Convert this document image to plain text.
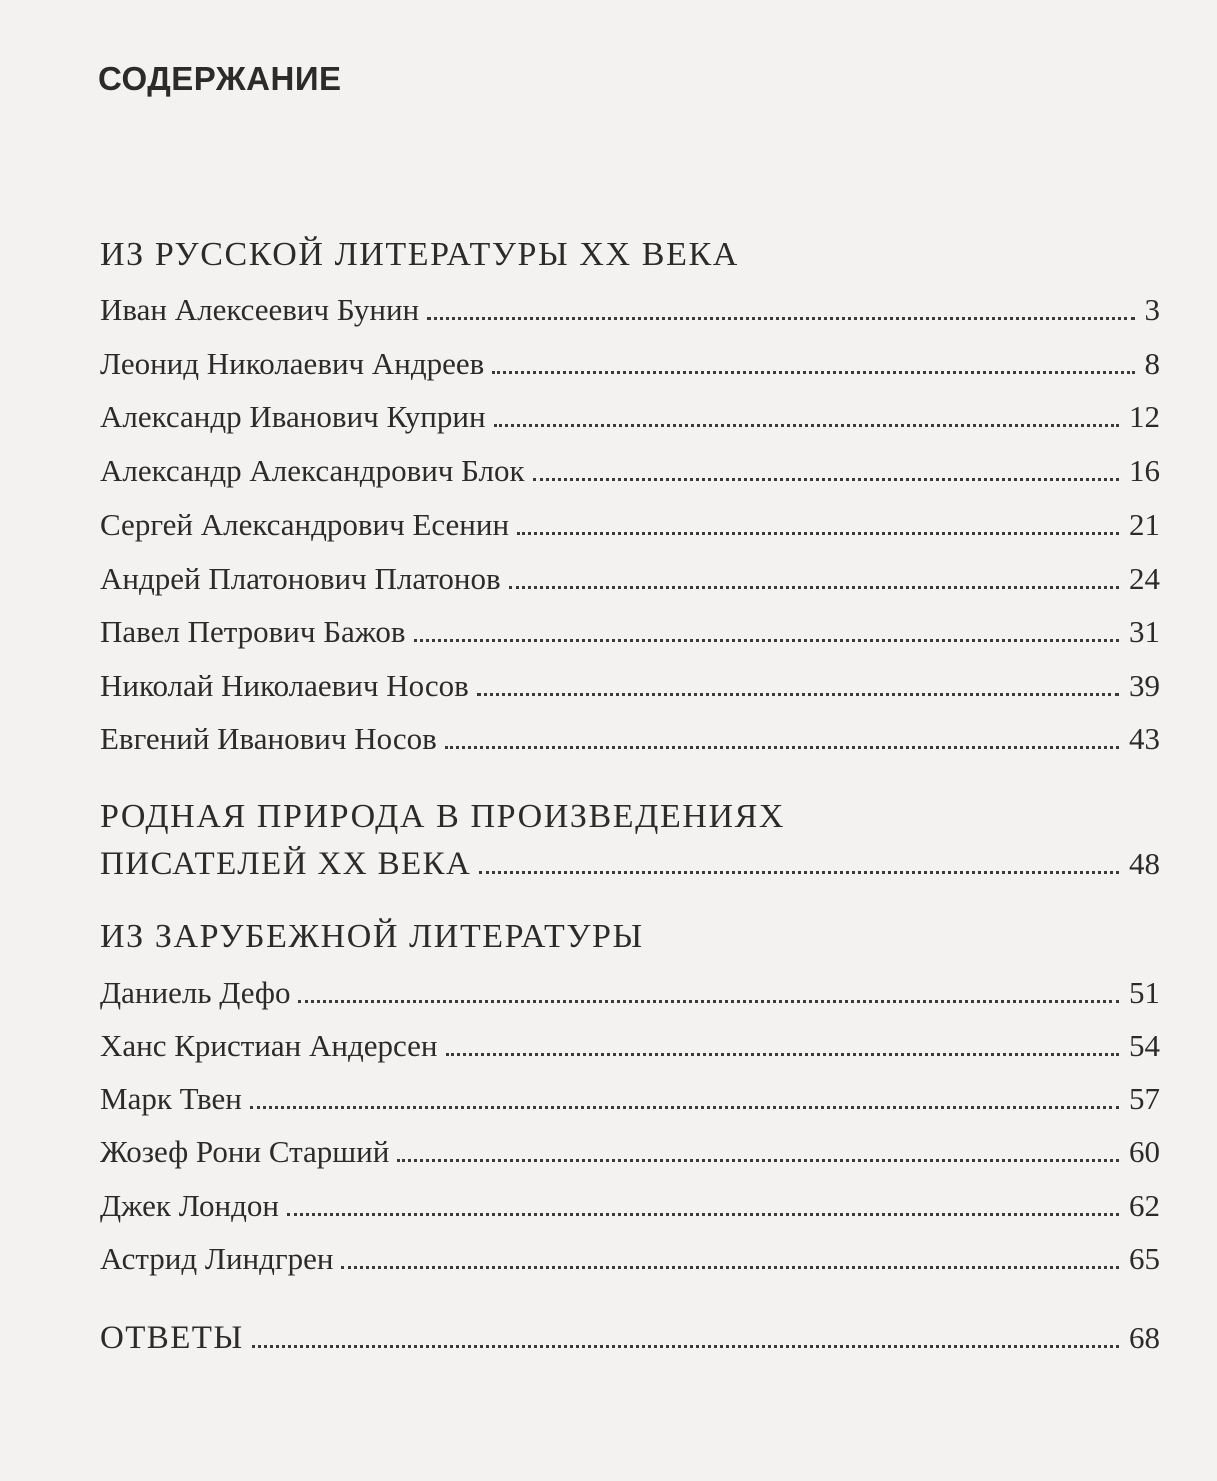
СОДЕРЖАНИЕ
ИЗ РУССКОЙ ЛИТЕРАТУРЫ XX ВЕКА
Иван Алексеевич Бунин	3
Леонид Николаевич Андреев	8
Александр Иванович Куприн	12
Александр Александрович Блок	16
Сергей Александрович Есенин	21
Андрей Платонович Платонов	24
Павел Петрович Бажов	31
Николай Николаевич Носов	39
Евгений Иванович Носов	43
РОДНАЯ ПРИРОДА В ПРОИЗВЕДЕНИЯХ
ПИСАТЕЛЕЙ XX ВЕКА	48
ИЗ ЗАРУБЕЖНОЙ ЛИТЕРАТУРЫ
Даниель Дефо	51
Ханс Кристиан Андерсен	54
Марк Твен	57
Жозеф Рони Старший	60
Джек Лондон	62
Астрид Линдгрен	65
ОТВЕТЫ	68
